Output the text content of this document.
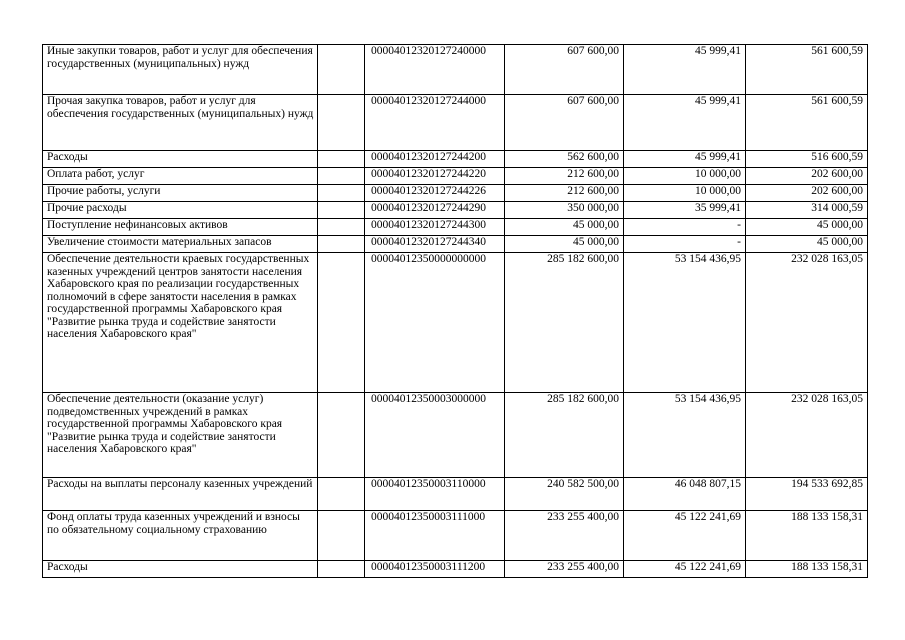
Иные закупки товаров, работ и услуг для обеспечения государственных (муниципальных) нужд		00004012320127240000	607 600,00	45 999,41	561 600,59
Прочая закупка товаров, работ и услуг для обеспечения государственных (муниципальных) нужд		00004012320127244000	607 600,00	45 999,41	561 600,59
Расходы		00004012320127244200	562 600,00	45 999,41	516 600,59
Оплата работ, услуг		00004012320127244220	212 600,00	10 000,00	202 600,00
Прочие работы, услуги		00004012320127244226	212 600,00	10 000,00	202 600,00
Прочие расходы		00004012320127244290	350 000,00	35 999,41	314 000,59
Поступление нефинансовых активов		00004012320127244300	45 000,00	-	45 000,00
Увеличение стоимости материальных запасов		00004012320127244340	45 000,00	-	45 000,00
Обеспечение деятельности краевых государственных казенных учреждений центров занятости населения Хабаровского края по реализации государственных полномочий в сфере занятости населения в рамках государственной программы Хабаровского края "Развитие рынка труда и содействие занятости населения Хабаровского края"		00004012350000000000	285 182 600,00	53 154 436,95	232 028 163,05
Обеспечение деятельности (оказание услуг) подведомственных учреждений в рамках государственной программы Хабаровского края "Развитие рынка труда и содействие занятости населения Хабаровского края"		00004012350003000000	285 182 600,00	53 154 436,95	232 028 163,05
Расходы на выплаты персоналу казенных учреждений		00004012350003110000	240 582 500,00	46 048 807,15	194 533 692,85
Фонд оплаты труда казенных учреждений и взносы по обязательному социальному страхованию		00004012350003111000	233 255 400,00	45 122 241,69	188 133 158,31
Расходы		00004012350003111200	233 255 400,00	45 122 241,69	188 133 158,31
